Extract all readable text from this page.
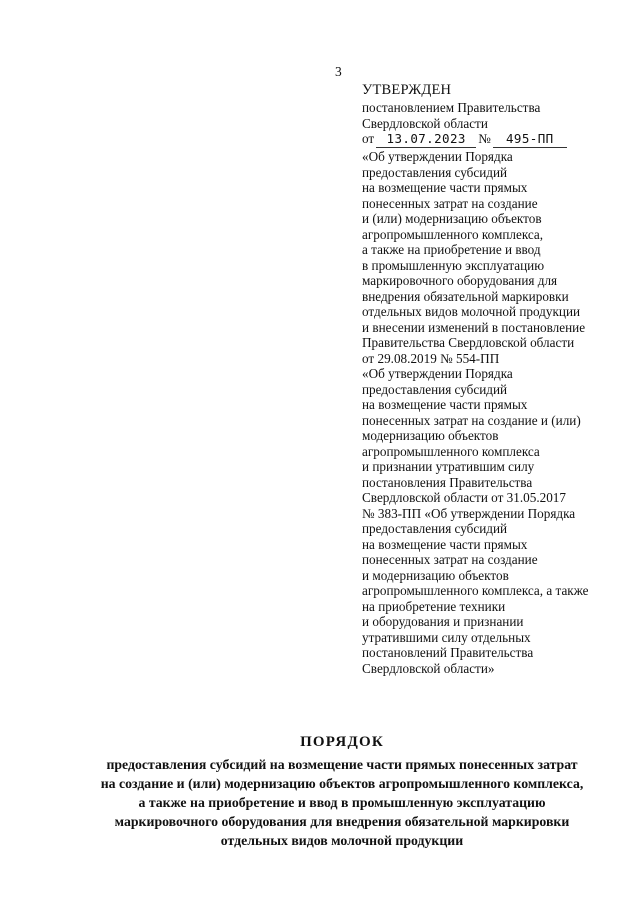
3
УТВЕРЖДЕН
постановлением Правительства
Свердловской области
от 13.07.2023 № 495-ПП
«Об утверждении Порядка
предоставления субсидий
на возмещение части прямых
понесенных затрат на создание
и (или) модернизацию объектов
агропромышленного комплекса,
а также на приобретение и ввод
в промышленную эксплуатацию
маркировочного оборудования для
внедрения обязательной маркировки
отдельных видов молочной продукции
и внесении изменений в постановление
Правительства Свердловской области
от 29.08.2019 № 554-ПП
«Об утверждении Порядка
предоставления субсидий
на возмещение части прямых
понесенных затрат на создание и (или)
модернизацию объектов
агропромышленного комплекса
и признании утратившим силу
постановления Правительства
Свердловской области от 31.05.2017
№ 383-ПП «Об утверждении Порядка
предоставления субсидий
на возмещение части прямых
понесенных затрат на создание
и модернизацию объектов
агропромышленного комплекса, а также
на приобретение техники
и оборудования и признании
утратившими силу отдельных
постановлений Правительства
Свердловской области»
ПОРЯДОК
предоставления субсидий на возмещение части прямых понесенных затрат
на создание и (или) модернизацию объектов агропромышленного комплекса,
а также на приобретение и ввод в промышленную эксплуатацию
маркировочного оборудования для внедрения обязательной маркировки
отдельных видов молочной продукции
